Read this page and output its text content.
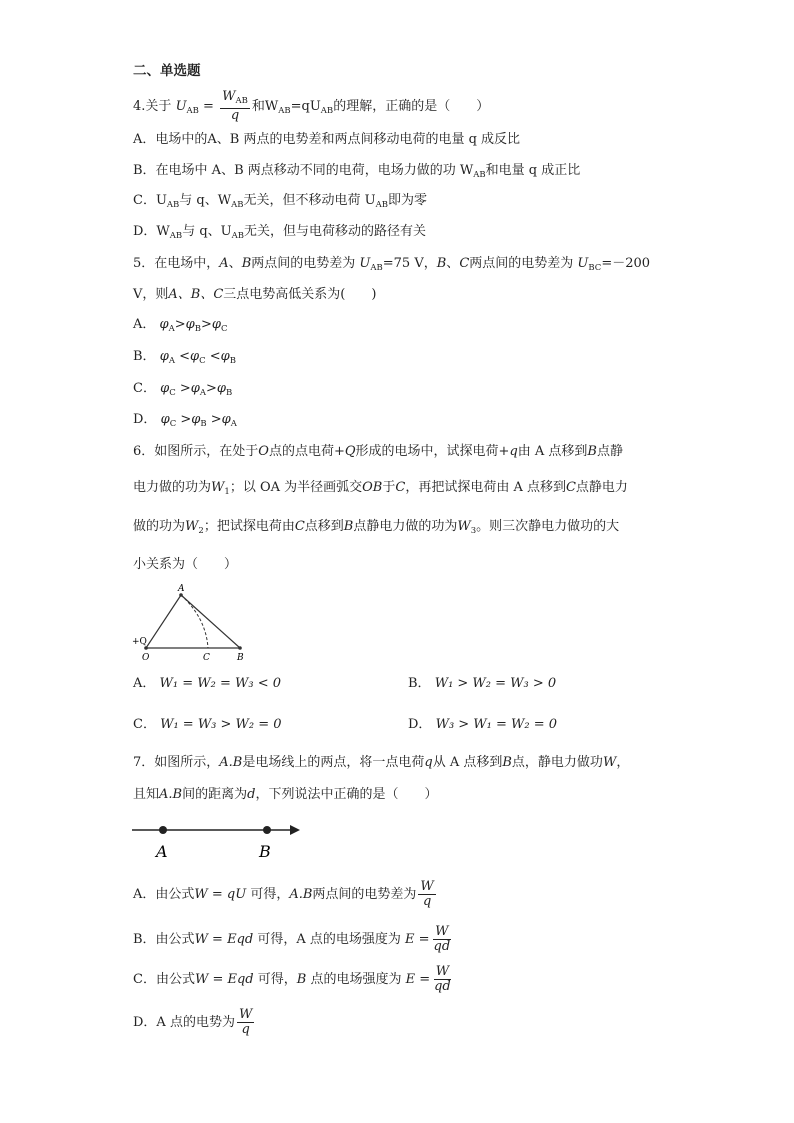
二、单选题
4.关于 $U_{AB} = \frac{W_{AB}}{q}$ 和$W_{AB}=qU_{AB}$的理解，正确的是（　　）
A．电场中的A、B 两点的电势差和两点间移动电荷的电量 q 成反比
B．在电场中 A、B 两点移动不同的电荷，电场力做的功 $W_{AB}$和电量 q 成正比
C．$U_{AB}$与 q、$W_{AB}$无关，但不移动电荷 $U_{AB}$即为零
D．$W_{AB}$与 q、$U_{AB}$无关，但与电荷移动的路径有关
5．在电场中，A、B两点间的电势差为 $U_{AB}=75$ V，B、C两点间的电势差为 $U_{BC}=-200$
V，则A、B、C三点电势高低关系为(　　)
A． $\varphi_A>\varphi_B>\varphi_C$
B． $\varphi_A <\varphi_C <\varphi_B$
C． $\varphi_C >\varphi_A>\varphi_B$
D． $\varphi_C >\varphi_B >\varphi_A$
6．如图所示，在处于O点的点电荷+Q形成的电场中，试探电荷+q由 A 点移到B点静
电力做的功为$W_1$；以 OA 为半径画弧交OB于C，再把试探电荷由 A 点移到C点静电力
做的功为$W_2$；把试探电荷由C点移到B点静电力做的功为$W_3$。则三次静电力做功的大
小关系为（　　）
A
+Q
O	C	B
A． W₁ = W₂ = W₃ < 0	B． W₁ > W₂ = W₃ > 0
C． W₁ = W₃ > W₂ = 0	D． W₃ > W₁ = W₂ = 0
7．如图所示，A.B是电场线上的两点，将一点电荷q从 A 点移到B点，静电力做功W，
且知A.B间的距离为d，下列说法中正确的是（　　）
A	B
A．由公式W = qU 可得，A.B两点间的电势差为 $\frac{W}{q}$
B．由公式W = Eqd 可得，A 点的电场强度为 $E = \frac{W}{qd}$
C．由公式W = Eqd 可得，B 点的电场强度为 $E = \frac{W}{qd}$
D．A 点的电势为 $\frac{W}{q}$
